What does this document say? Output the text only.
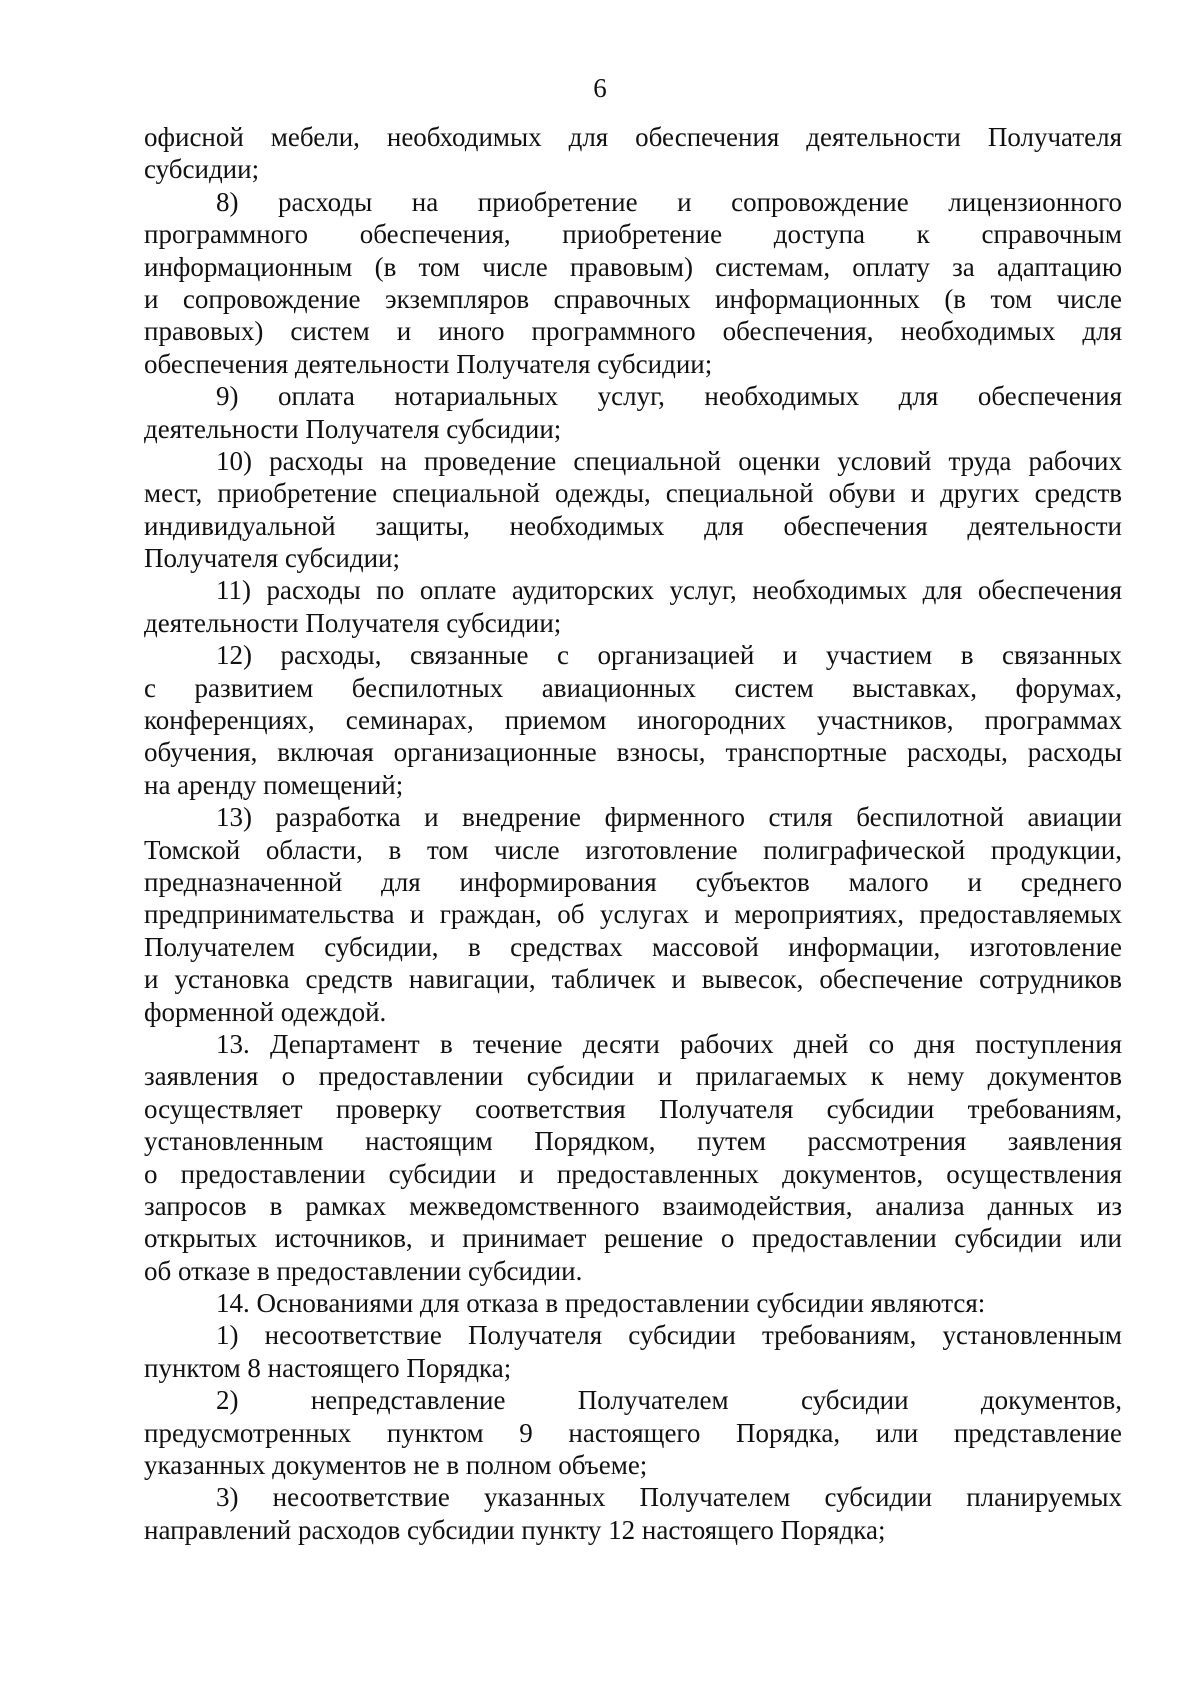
6
офисной мебели, необходимых для обеспечения деятельности Получателя
субсидии;
8) расходы на приобретение и сопровождение лицензионного
программного обеспечения, приобретение доступа к справочным
информационным (в том числе правовым) системам, оплату за адаптацию
и сопровождение экземпляров справочных информационных (в том числе
правовых) систем и иного программного обеспечения, необходимых для
обеспечения деятельности Получателя субсидии;
9) оплата нотариальных услуг, необходимых для обеспечения
деятельности Получателя субсидии;
10) расходы на проведение специальной оценки условий труда рабочих
мест, приобретение специальной одежды, специальной обуви и других средств
индивидуальной защиты, необходимых для обеспечения деятельности
Получателя субсидии;
11) расходы по оплате аудиторских услуг, необходимых для обеспечения
деятельности Получателя субсидии;
12) расходы, связанные с организацией и участием в связанных
с развитием беспилотных авиационных систем выставках, форумах,
конференциях, семинарах, приемом иногородних участников, программах
обучения, включая организационные взносы, транспортные расходы, расходы
на аренду помещений;
13) разработка и внедрение фирменного стиля беспилотной авиации
Томской области, в том числе изготовление полиграфической продукции,
предназначенной для информирования субъектов малого и среднего
предпринимательства и граждан, об услугах и мероприятиях, предоставляемых
Получателем субсидии, в средствах массовой информации, изготовление
и установка средств навигации, табличек и вывесок, обеспечение сотрудников
форменной одеждой.
13. Департамент в течение десяти рабочих дней со дня поступления
заявления о предоставлении субсидии и прилагаемых к нему документов
осуществляет проверку соответствия Получателя субсидии требованиям,
установленным настоящим Порядком, путем рассмотрения заявления
о предоставлении субсидии и предоставленных документов, осуществления
запросов в рамках межведомственного взаимодействия, анализа данных из
открытых источников, и принимает решение о предоставлении субсидии или
об отказе в предоставлении субсидии.
14. Основаниями для отказа в предоставлении субсидии являются:
1) несоответствие Получателя субсидии требованиям, установленным
пунктом 8 настоящего Порядка;
2) непредставление Получателем субсидии документов,
предусмотренных пунктом 9 настоящего Порядка, или представление
указанных документов не в полном объеме;
3) несоответствие указанных Получателем субсидии планируемых
направлений расходов субсидии пункту 12 настоящего Порядка;
